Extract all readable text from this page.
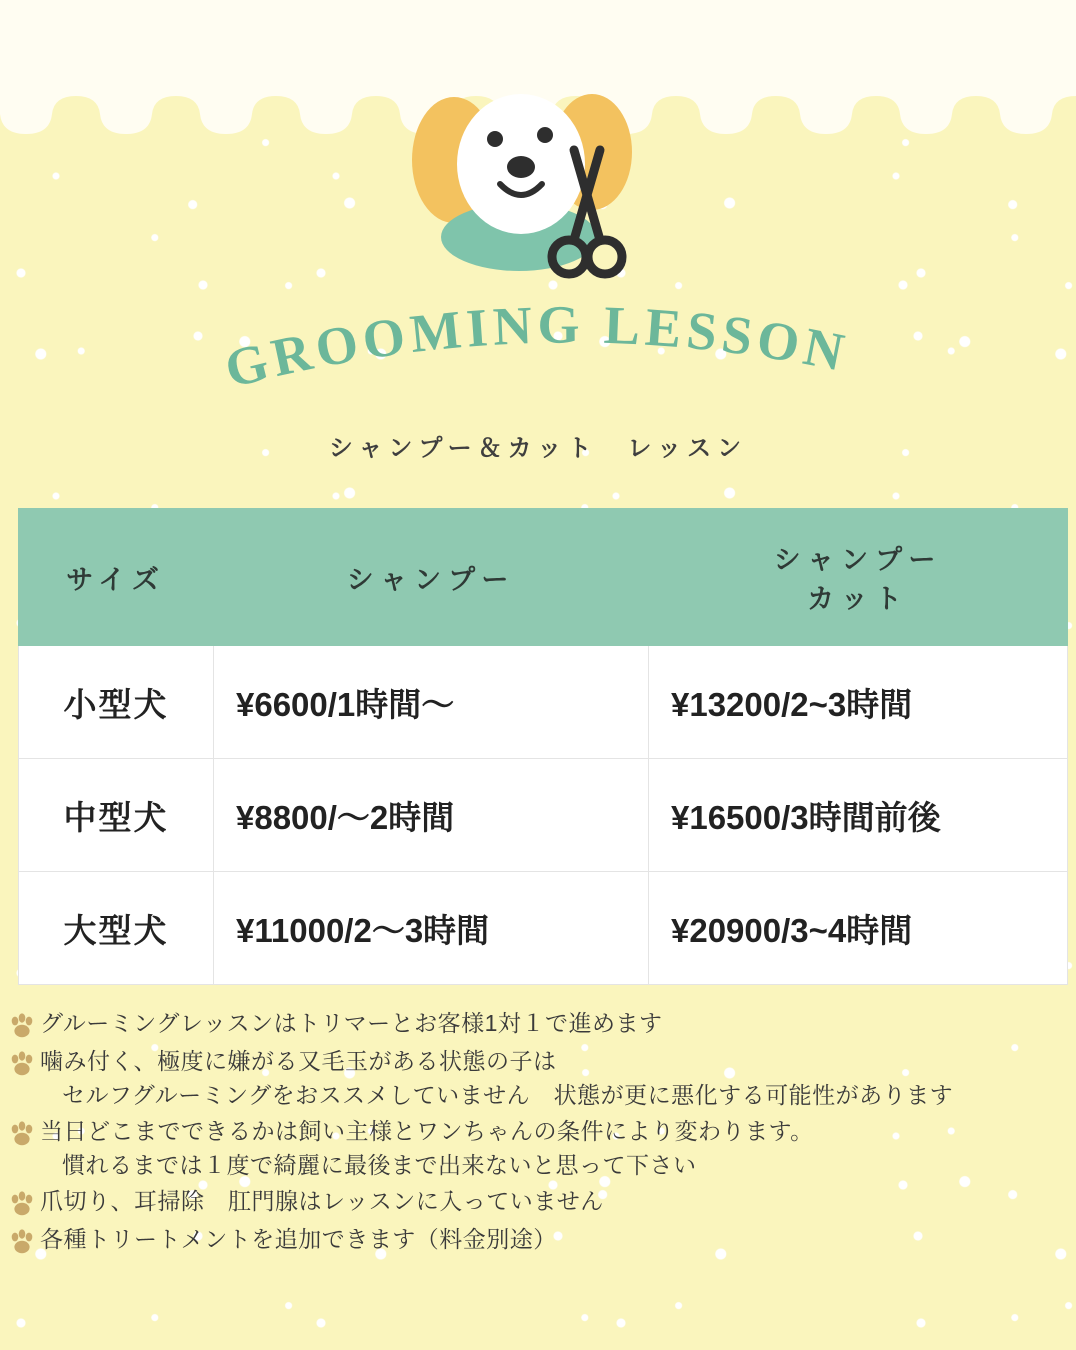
GROOMING LESSON
シャンプー＆カット　レッスン
サイズ	シャンプー	シャンプー
カット

小型犬	¥6600/1時間〜	¥13200/2~3時間
中型犬	¥8800/〜2時間	¥16500/3時間前後
大型犬	¥11000/2〜3時間	¥20900/3~4時間
グルーミングレッスンはトリマーとお客様1対１で進めます
噛み付く、極度に嫌がる又毛玉がある状態の子は セルフグルーミングをおススメしていません　状態が更に悪化する可能性があります
当日どこまでできるかは飼い主様とワンちゃんの条件により変わります。 慣れるまでは１度で綺麗に最後まで出来ないと思って下さい
爪切り、耳掃除　肛門腺はレッスンに入っていません
各種トリートメントを追加できます（料金別途）
